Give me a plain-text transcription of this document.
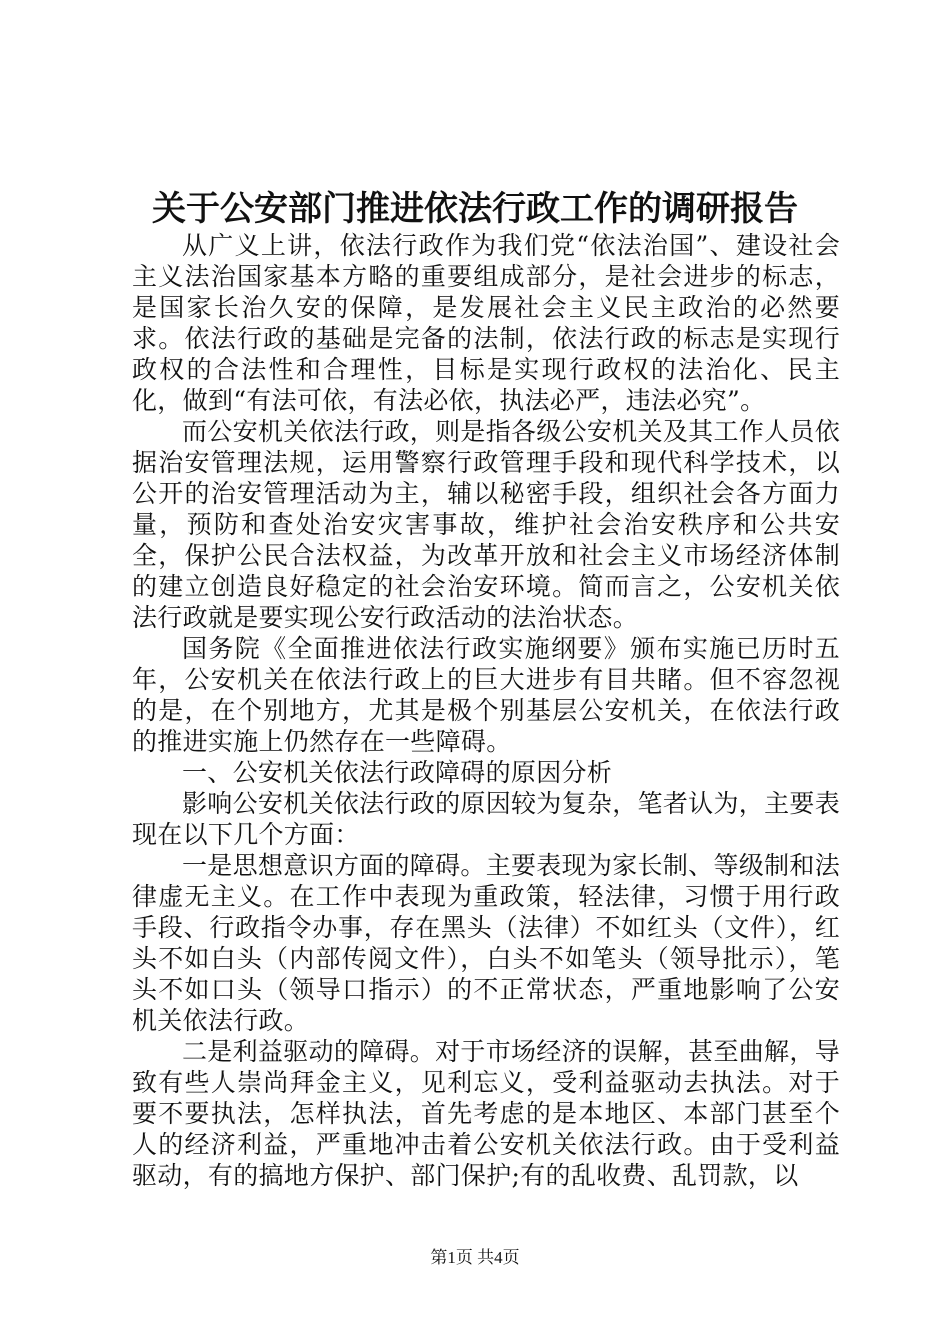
关于公安部门推进依法行政工作的调研报告

从广义上讲，依法行政作为我们党“依法治国”、建设社会主义法治国家基本方略的重要组成部分，是社会进步的标志，是国家长治久安的保障，是发展社会主义民主政治的必然要求。依法行政的基础是完备的法制，依法行政的标志是实现行政权的合法性和合理性，目标是实现行政权的法治化、民主化，做到“有法可依，有法必依，执法必严，违法必究”。

而公安机关依法行政，则是指各级公安机关及其工作人员依据治安管理法规，运用警察行政管理手段和现代科学技术，以公开的治安管理活动为主，辅以秘密手段，组织社会各方面力量，预防和查处治安灾害事故，维护社会治安秩序和公共安全，保护公民合法权益，为改革开放和社会主义市场经济体制的建立创造良好稳定的社会治安环境。简而言之，公安机关依法行政就是要实现公安行政活动的法治状态。

国务院《全面推进依法行政实施纲要》颁布实施已历时五年，公安机关在依法行政上的巨大进步有目共睹。但不容忽视的是，在个别地方，尤其是极个别基层公安机关，在依法行政的推进实施上仍然存在一些障碍。

一、公安机关依法行政障碍的原因分析

影响公安机关依法行政的原因较为复杂，笔者认为，主要表现在以下几个方面：

一是思想意识方面的障碍。主要表现为家长制、等级制和法律虚无主义。在工作中表现为重政策，轻法律，习惯于用行政手段、行政指令办事，存在黑头（法律）不如红头（文件），红头不如白头（内部传阅文件），白头不如笔头（领导批示），笔头不如口头（领导口指示）的不正常状态，严重地影响了公安机关依法行政。

二是利益驱动的障碍。对于市场经济的误解，甚至曲解，导致有些人崇尚拜金主义，见利忘义，受利益驱动去执法。对于要不要执法，怎样执法，首先考虑的是本地区、本部门甚至个人的经济利益，严重地冲击着公安机关依法行政。由于受利益驱动，有的搞地方保护、部门保护;有的乱收费、乱罚款，以

第1页 共4页
